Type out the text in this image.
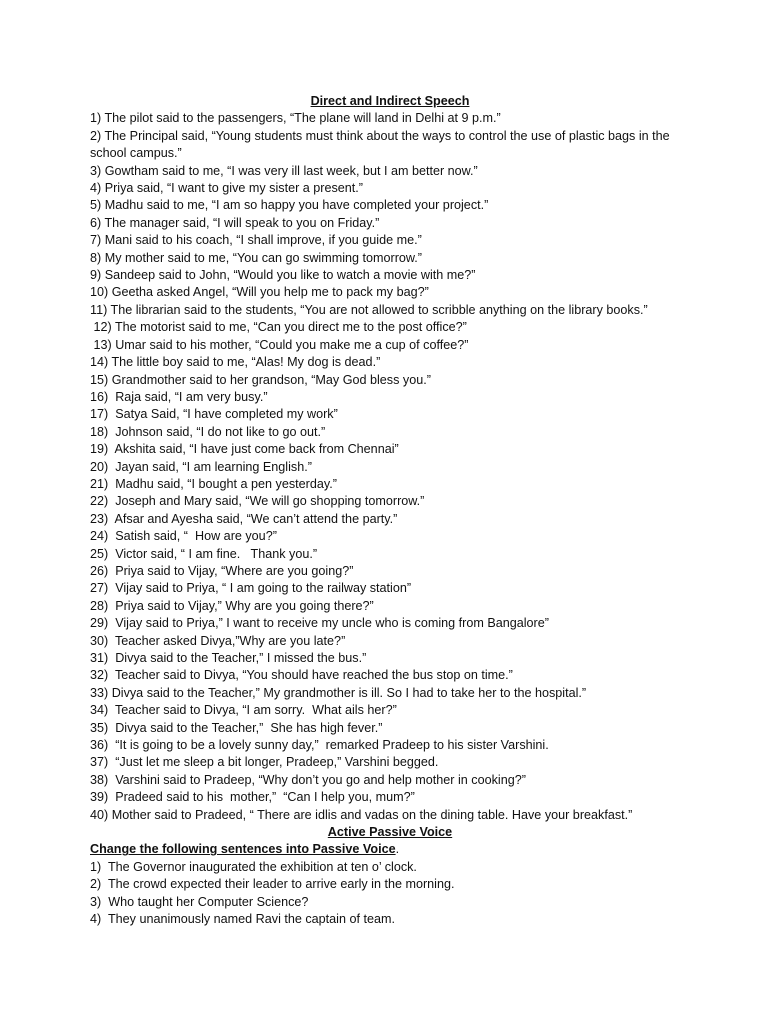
Direct and Indirect Speech

1) The pilot said to the passengers, “The plane will land in Delhi at 9 p.m.”
2) The Principal said, “Young students must think about the ways to control the use of plastic bags in the school campus.”
3) Gowtham said to me, “I was very ill last week, but I am better now.”
4) Priya said, “I want to give my sister a present.”
5) Madhu said to me, “I am so happy you have completed your project.”
6) The manager said, “I will speak to you on Friday.”
7) Mani said to his coach, “I shall improve, if you guide me.”
8) My mother said to me, “You can go swimming tomorrow.”
9) Sandeep said to John, “Would you like to watch a movie with me?”
10) Geetha asked Angel, “Will you help me to pack my bag?”
11) The librarian said to the students, “You are not allowed to scribble anything on the library books.”
12) The motorist said to me, “Can you direct me to the post office?”
13) Umar said to his mother, “Could you make me a cup of coffee?”
14) The little boy said to me, “Alas! My dog is dead.”
15) Grandmother said to her grandson, “May God bless you.”
16)  Raja said, “I am very busy.”
17)  Satya Said, “I have completed my work”
18)  Johnson said, “I do not like to go out.”
19)  Akshita said, “I have just come back from Chennai”
20)  Jayan said, “I am learning English.”
21)  Madhu said, “I bought a pen yesterday.”
22)  Joseph and Mary said, “We will go shopping tomorrow.”
23)  Afsar and Ayesha said, “We can’t attend the party.”
24)  Satish said, “  How are you?”
25)  Victor said, “ I am fine.   Thank you.”
26)  Priya said to Vijay, “Where are you going?”
27)  Vijay said to Priya, “ I am going to the railway station”
28)  Priya said to Vijay,” Why are you going there?”
29)  Vijay said to Priya,” I want to receive my uncle who is coming from Bangalore”
30)  Teacher asked Divya,”Why are you late?”
31)  Divya said to the Teacher,” I missed the bus.”
32)  Teacher said to Divya, “You should have reached the bus stop on time.”
33) Divya said to the Teacher,” My grandmother is ill. So I had to take her to the hospital.”
34)  Teacher said to Divya, “I am sorry.  What ails her?”
35)  Divya said to the Teacher,”  She has high fever.”
36)  “It is going to be a lovely sunny day,”  remarked Pradeep to his sister Varshini.
37)  “Just let me sleep a bit longer, Pradeep,” Varshini begged.
38)  Varshini said to Pradeep, “Why don’t you go and help mother in cooking?”
39)  Pradeed said to his  mother,”  “Can I help you, mum?”
40) Mother said to Pradeed, “ There are idlis and vadas on the dining table. Have your breakfast.”

Active Passive Voice

Change the following sentences into Passive Voice.

1)  The Governor inaugurated the exhibition at ten o’ clock.
2)  The crowd expected their leader to arrive early in the morning.
3)  Who taught her Computer Science?
4)  They unanimously named Ravi the captain of team.
